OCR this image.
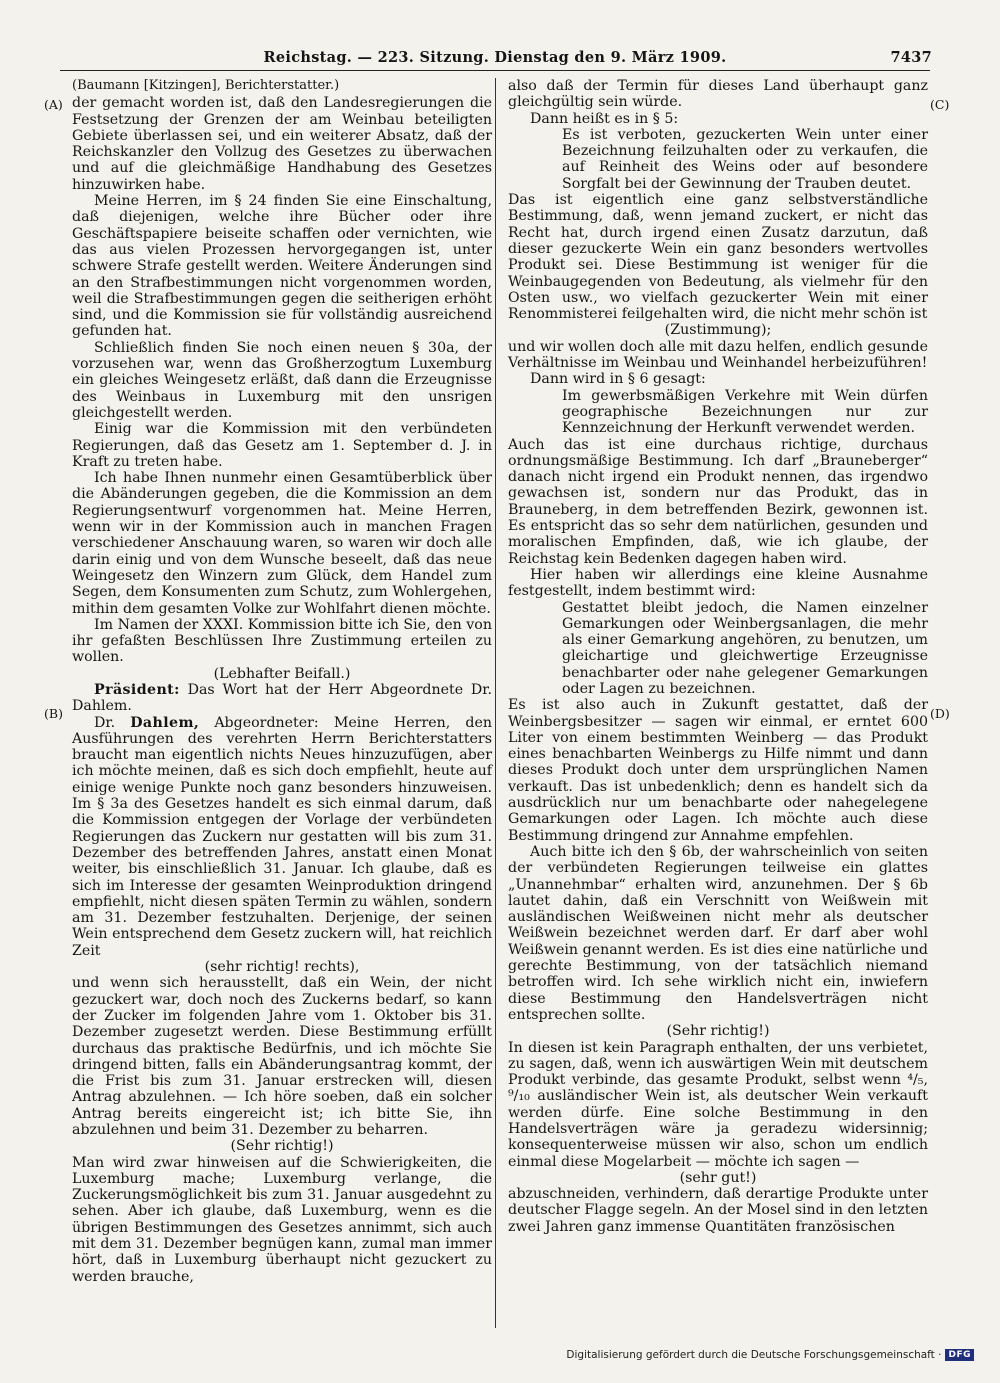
Reichstag. — 223. Sitzung. Dienstag den 9. März 1909.	7437
(A)
(B)
(C)
(D)

(Baumann [Kitzingen], Berichterstatter.)

der gemacht worden ist, daß den Landesregierungen die Festsetzung der Grenzen der am Weinbau beteiligten Gebiete überlassen sei, und ein weiterer Absatz, daß der Reichskanzler den Vollzug des Gesetzes zu überwachen und auf die gleichmäßige Handhabung des Gesetzes hinzuwirken habe.

Meine Herren, im § 24 finden Sie eine Einschaltung, daß diejenigen, welche ihre Bücher oder ihre Geschäftspapiere beiseite schaffen oder vernichten, wie das aus vielen Prozessen hervorgegangen ist, unter schwere Strafe gestellt werden. Weitere Änderungen sind an den Strafbestimmungen nicht vorgenommen worden, weil die Strafbestimmungen gegen die seitherigen erhöht sind, und die Kommission sie für vollständig ausreichend gefunden hat.

Schließlich finden Sie noch einen neuen § 30a, der vorzusehen war, wenn das Großherzogtum Luxemburg ein gleiches Weingesetz erläßt, daß dann die Erzeugnisse des Weinbaus in Luxemburg mit den unsrigen gleichgestellt werden.

Einig war die Kommission mit den verbündeten Regierungen, daß das Gesetz am 1. September d. J. in Kraft zu treten habe.

Ich habe Ihnen nunmehr einen Gesamtüberblick über die Abänderungen gegeben, die die Kommission an dem Regierungsentwurf vorgenommen hat. Meine Herren, wenn wir in der Kommission auch in manchen Fragen verschiedener Anschauung waren, so waren wir doch alle darin einig und von dem Wunsche beseelt, daß das neue Weingesetz den Winzern zum Glück, dem Handel zum Segen, dem Konsumenten zum Schutz, zum Wohlergehen, mithin dem gesamten Volke zur Wohlfahrt dienen möchte.

Im Namen der XXXI. Kommission bitte ich Sie, den von ihr gefaßten Beschlüssen Ihre Zustimmung erteilen zu wollen.

(Lebhafter Beifall.)

Präsident: Das Wort hat der Herr Abgeordnete Dr. Dahlem.

Dr. Dahlem, Abgeordneter: Meine Herren, den Ausführungen des verehrten Herrn Berichterstatters braucht man eigentlich nichts Neues hinzuzufügen, aber ich möchte meinen, daß es sich doch empfiehlt, heute auf einige wenige Punkte noch ganz besonders hinzuweisen. Im § 3a des Gesetzes handelt es sich einmal darum, daß die Kommission entgegen der Vorlage der verbündeten Regierungen das Zuckern nur gestatten will bis zum 31. Dezember des betreffenden Jahres, anstatt einen Monat weiter, bis einschließlich 31. Januar. Ich glaube, daß es sich im Interesse der gesamten Weinproduktion dringend empfiehlt, nicht diesen späten Termin zu wählen, sondern am 31. Dezember festzuhalten. Derjenige, der seinen Wein entsprechend dem Gesetz zuckern will, hat reichlich Zeit

(sehr richtig! rechts),

und wenn sich herausstellt, daß ein Wein, der nicht gezuckert war, doch noch des Zuckerns bedarf, so kann der Zucker im folgenden Jahre vom 1. Oktober bis 31. Dezember zugesetzt werden. Diese Bestimmung erfüllt durchaus das praktische Bedürfnis, und ich möchte Sie dringend bitten, falls ein Abänderungsantrag kommt, der die Frist bis zum 31. Januar erstrecken will, diesen Antrag abzulehnen. — Ich höre soeben, daß ein solcher Antrag bereits eingereicht ist; ich bitte Sie, ihn abzulehnen und beim 31. Dezember zu beharren.

(Sehr richtig!)

Man wird zwar hinweisen auf die Schwierigkeiten, die Luxemburg mache; Luxemburg verlange, die Zuckerungsmöglichkeit bis zum 31. Januar ausgedehnt zu sehen. Aber ich glaube, daß Luxemburg, wenn es die übrigen Bestimmungen des Gesetzes annimmt, sich auch mit dem 31. Dezember begnügen kann, zumal man immer hört, daß in Luxemburg überhaupt nicht gezuckert zu werden brauche,

also daß der Termin für dieses Land überhaupt ganz gleichgültig sein würde.

Dann heißt es in § 5:

Es ist verboten, gezuckerten Wein unter einer Bezeichnung feilzuhalten oder zu verkaufen, die auf Reinheit des Weins oder auf besondere Sorgfalt bei der Gewinnung der Trauben deutet.

Das ist eigentlich eine ganz selbstverständliche Bestimmung, daß, wenn jemand zuckert, er nicht das Recht hat, durch irgend einen Zusatz darzutun, daß dieser gezuckerte Wein ein ganz besonders wertvolles Produkt sei. Diese Bestimmung ist weniger für die Weinbaugegenden von Bedeutung, als vielmehr für den Osten usw., wo vielfach gezuckerter Wein mit einer Renommisterei feilgehalten wird, die nicht mehr schön ist

(Zustimmung);

und wir wollen doch alle mit dazu helfen, endlich gesunde Verhältnisse im Weinbau und Weinhandel herbeizuführen!

Dann wird in § 6 gesagt:

Im gewerbsmäßigen Verkehre mit Wein dürfen geographische Bezeichnungen nur zur Kennzeichnung der Herkunft verwendet werden.

Auch das ist eine durchaus richtige, durchaus ordnungsmäßige Bestimmung. Ich darf „Brauneberger“ danach nicht irgend ein Produkt nennen, das irgendwo gewachsen ist, sondern nur das Produkt, das in Brauneberg, in dem betreffenden Bezirk, gewonnen ist. Es entspricht das so sehr dem natürlichen, gesunden und moralischen Empfinden, daß, wie ich glaube, der Reichstag kein Bedenken dagegen haben wird.

Hier haben wir allerdings eine kleine Ausnahme festgestellt, indem bestimmt wird:

Gestattet bleibt jedoch, die Namen einzelner Gemarkungen oder Weinbergsanlagen, die mehr als einer Gemarkung angehören, zu benutzen, um gleichartige und gleichwertige Erzeugnisse benachbarter oder nahe gelegener Gemarkungen oder Lagen zu bezeichnen.

Es ist also auch in Zukunft gestattet, daß der Weinbergsbesitzer — sagen wir einmal, er erntet 600 Liter von einem bestimmten Weinberg — das Produkt eines benachbarten Weinbergs zu Hilfe nimmt und dann dieses Produkt doch unter dem ursprünglichen Namen verkauft. Das ist unbedenklich; denn es handelt sich da ausdrücklich nur um benachbarte oder nahegelegene Gemarkungen oder Lagen. Ich möchte auch diese Bestimmung dringend zur Annahme empfehlen.

Auch bitte ich den § 6b, der wahrscheinlich von seiten der verbündeten Regierungen teilweise ein glattes „Unannehmbar“ erhalten wird, anzunehmen. Der § 6b lautet dahin, daß ein Verschnitt von Weißwein mit ausländischen Weißweinen nicht mehr als deutscher Weißwein bezeichnet werden darf. Er darf aber wohl Weißwein genannt werden. Es ist dies eine natürliche und gerechte Bestimmung, von der tatsächlich niemand betroffen wird. Ich sehe wirklich nicht ein, inwiefern diese Bestimmung den Handelsverträgen nicht entsprechen sollte.

(Sehr richtig!)

In diesen ist kein Paragraph enthalten, der uns verbietet, zu sagen, daß, wenn ich auswärtigen Wein mit deutschem Produkt verbinde, das gesamte Produkt, selbst wenn ⁴/₅, ⁹/₁₀ ausländischer Wein ist, als deutscher Wein verkauft werden dürfe. Eine solche Bestimmung in den Handelsverträgen wäre ja geradezu widersinnig; konsequenterweise müssen wir also, schon um endlich einmal diese Mogelarbeit — möchte ich sagen —

(sehr gut!)

abzuschneiden, verhindern, daß derartige Produkte unter deutscher Flagge segeln. An der Mosel sind in den letzten zwei Jahren ganz immense Quantitäten französischen

Digitalisierung gefördert durch die Deutsche Forschungsgemeinschaft · DFG
